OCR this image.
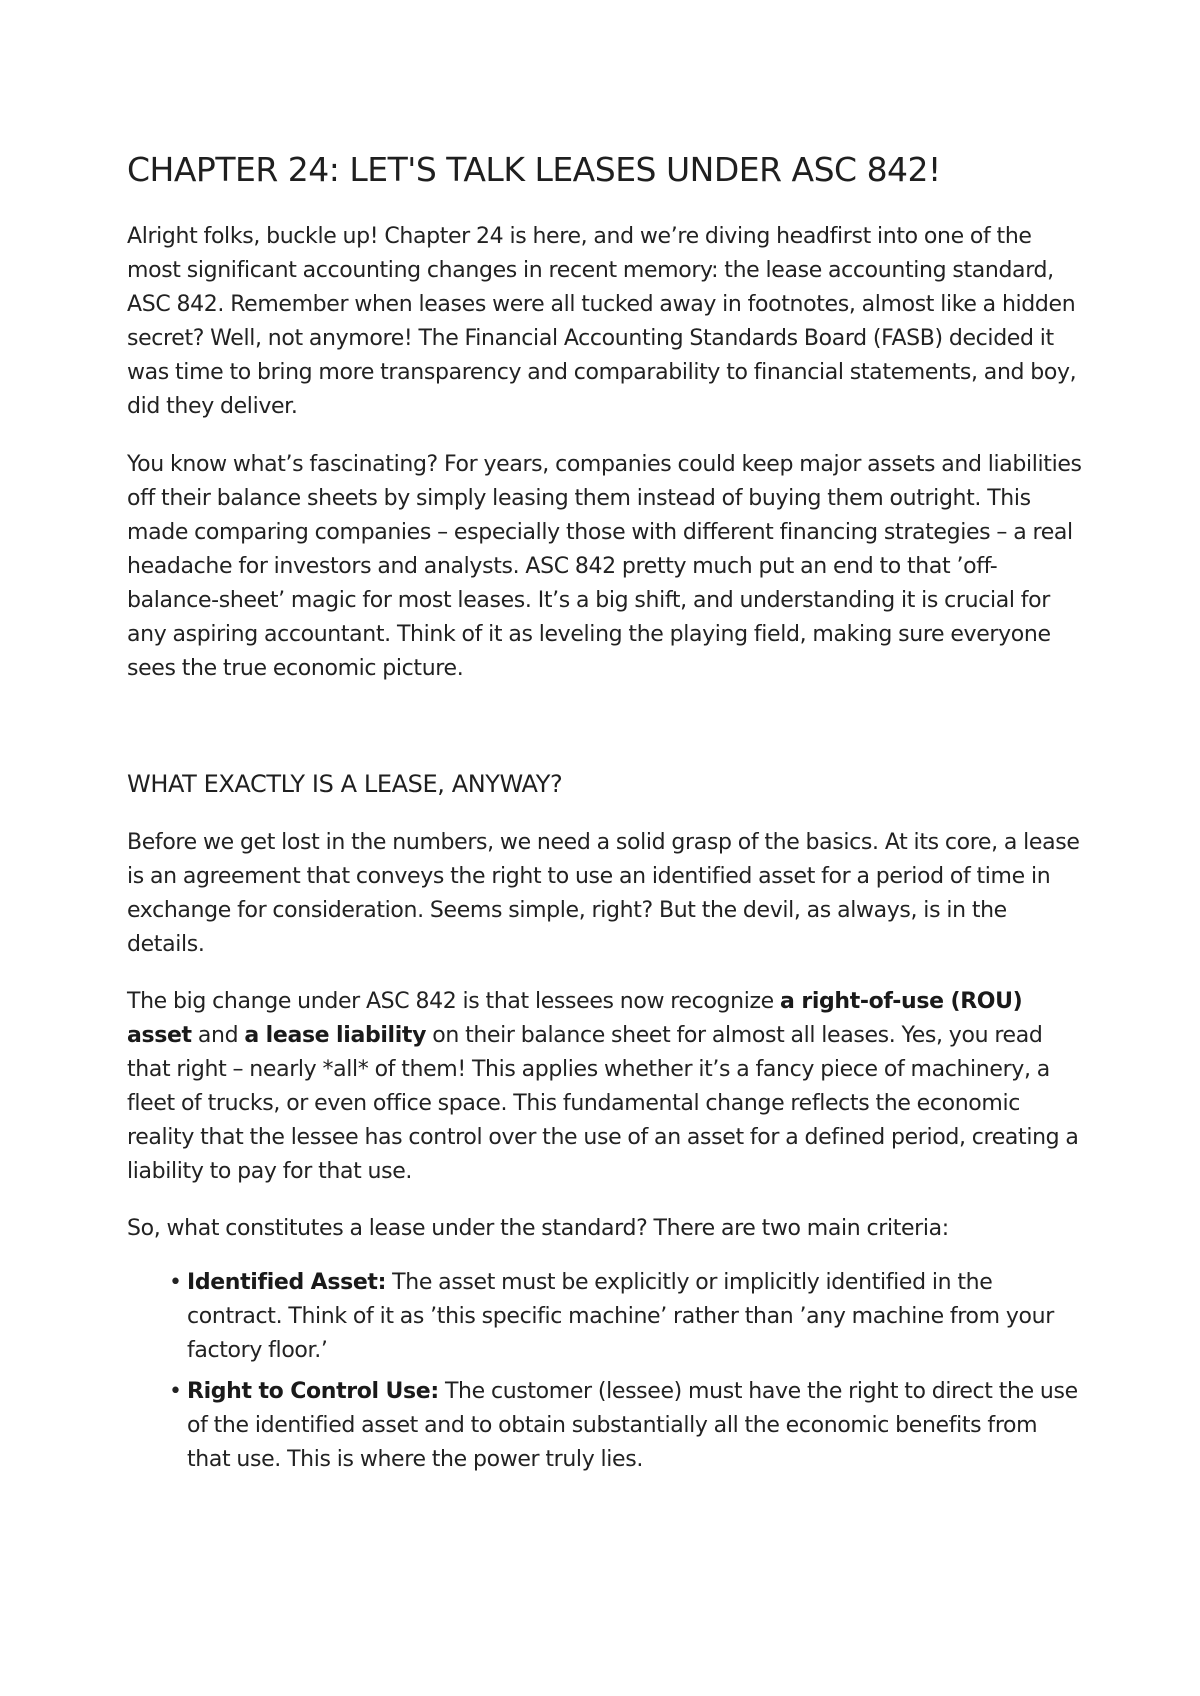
CHAPTER 24: LET'S TALK LEASES UNDER ASC 842!

Alright folks, buckle up! Chapter 24 is here, and we’re diving headfirst into one of the most significant accounting changes in recent memory: the lease accounting standard, ASC 842. Remember when leases were all tucked away in footnotes, almost like a hidden secret? Well, not anymore! The Financial Accounting Standards Board (FASB) decided it was time to bring more transparency and comparability to financial statements, and boy, did they deliver.

You know what’s fascinating? For years, companies could keep major assets and liabilities off their balance sheets by simply leasing them instead of buying them outright. This made comparing companies – especially those with different financing strategies – a real headache for investors and analysts. ASC 842 pretty much put an end to that ’off-balance-sheet’ magic for most leases. It’s a big shift, and understanding it is crucial for any aspiring accountant. Think of it as leveling the playing field, making sure everyone sees the true economic picture.

WHAT EXACTLY IS A LEASE, ANYWAY?

Before we get lost in the numbers, we need a solid grasp of the basics. At its core, a lease is an agreement that conveys the right to use an identified asset for a period of time in exchange for consideration. Seems simple, right? But the devil, as always, is in the details.

The big change under ASC 842 is that lessees now recognize a right-of-use (ROU) asset and a lease liability on their balance sheet for almost all leases. Yes, you read that right – nearly *all* of them! This applies whether it’s a fancy piece of machinery, a fleet of trucks, or even office space. This fundamental change reflects the economic reality that the lessee has control over the use of an asset for a defined period, creating a liability to pay for that use.

So, what constitutes a lease under the standard? There are two main criteria:

• Identified Asset: The asset must be explicitly or implicitly identified in the contract. Think of it as ’this specific machine’ rather than ’any machine from your factory floor.’
• Right to Control Use: The customer (lessee) must have the right to direct the use of the identified asset and to obtain substantially all the economic benefits from that use. This is where the power truly lies.
